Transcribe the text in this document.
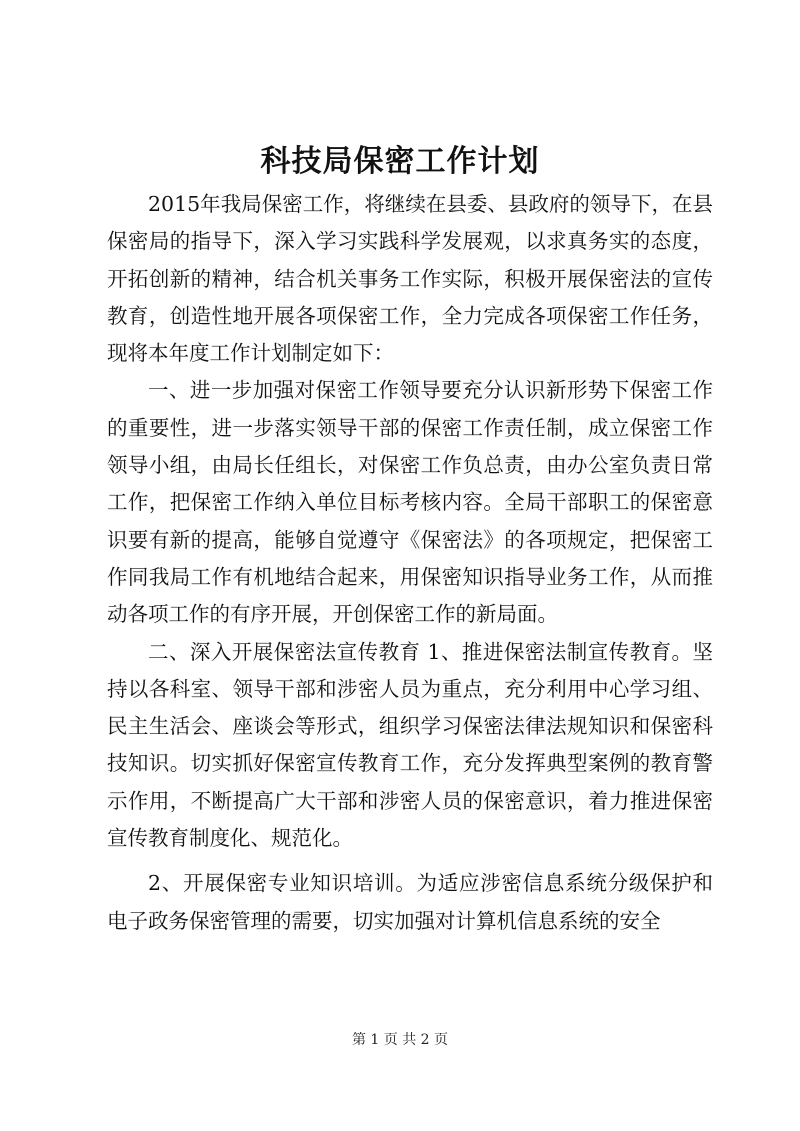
科技局保密工作计划

2015年我局保密工作，将继续在县委、县政府的领导下，在县保密局的指导下，深入学习实践科学发展观，以求真务实的态度，开拓创新的精神，结合机关事务工作实际，积极开展保密法的宣传教育，创造性地开展各项保密工作，全力完成各项保密工作任务，现将本年度工作计划制定如下：

一、进一步加强对保密工作领导要充分认识新形势下保密工作的重要性，进一步落实领导干部的保密工作责任制，成立保密工作领导小组，由局长任组长，对保密工作负总责，由办公室负责日常工作，把保密工作纳入单位目标考核内容。全局干部职工的保密意识要有新的提高，能够自觉遵守《保密法》的各项规定，把保密工作同我局工作有机地结合起来，用保密知识指导业务工作，从而推动各项工作的有序开展，开创保密工作的新局面。

二、深入开展保密法宣传教育 1、推进保密法制宣传教育。坚持以各科室、领导干部和涉密人员为重点，充分利用中心学习组、民主生活会、座谈会等形式，组织学习保密法律法规知识和保密科技知识。切实抓好保密宣传教育工作，充分发挥典型案例的教育警示作用，不断提高广大干部和涉密人员的保密意识，着力推进保密宣传教育制度化、规范化。

2、开展保密专业知识培训。为适应涉密信息系统分级保护和电子政务保密管理的需要，切实加强对计算机信息系统的安全

第 1 页 共 2 页
